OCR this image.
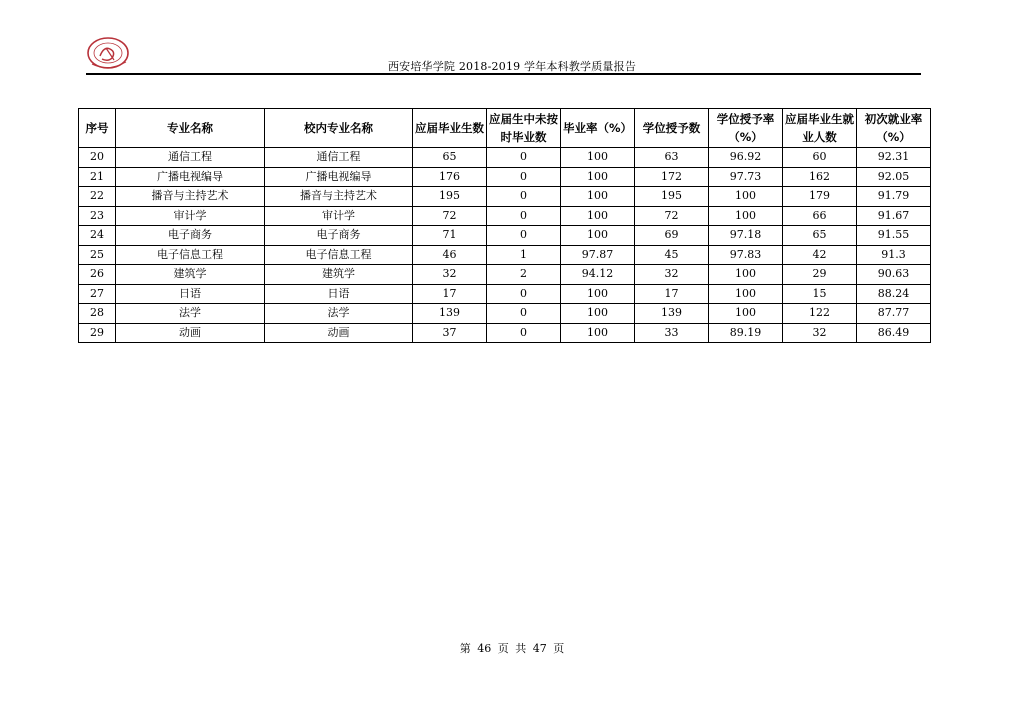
西安培华学院 2018-2019 学年本科教学质量报告
序号	专业名称	校内专业名称	应届毕业生数	应届生中未按时毕业数	毕业率（%）	学位授予数	学位授予率（%）	应届毕业生就业人数	初次就业率（%）
20	通信工程	通信工程	65	0	100	63	96.92	60	92.31
21	广播电视编导	广播电视编导	176	0	100	172	97.73	162	92.05
22	播音与主持艺术	播音与主持艺术	195	0	100	195	100	179	91.79
23	审计学	审计学	72	0	100	72	100	66	91.67
24	电子商务	电子商务	71	0	100	69	97.18	65	91.55
25	电子信息工程	电子信息工程	46	1	97.87	45	97.83	42	91.3
26	建筑学	建筑学	32	2	94.12	32	100	29	90.63
27	日语	日语	17	0	100	17	100	15	88.24
28	法学	法学	139	0	100	139	100	122	87.77
29	动画	动画	37	0	100	33	89.19	32	86.49
第 46 页 共 47 页
